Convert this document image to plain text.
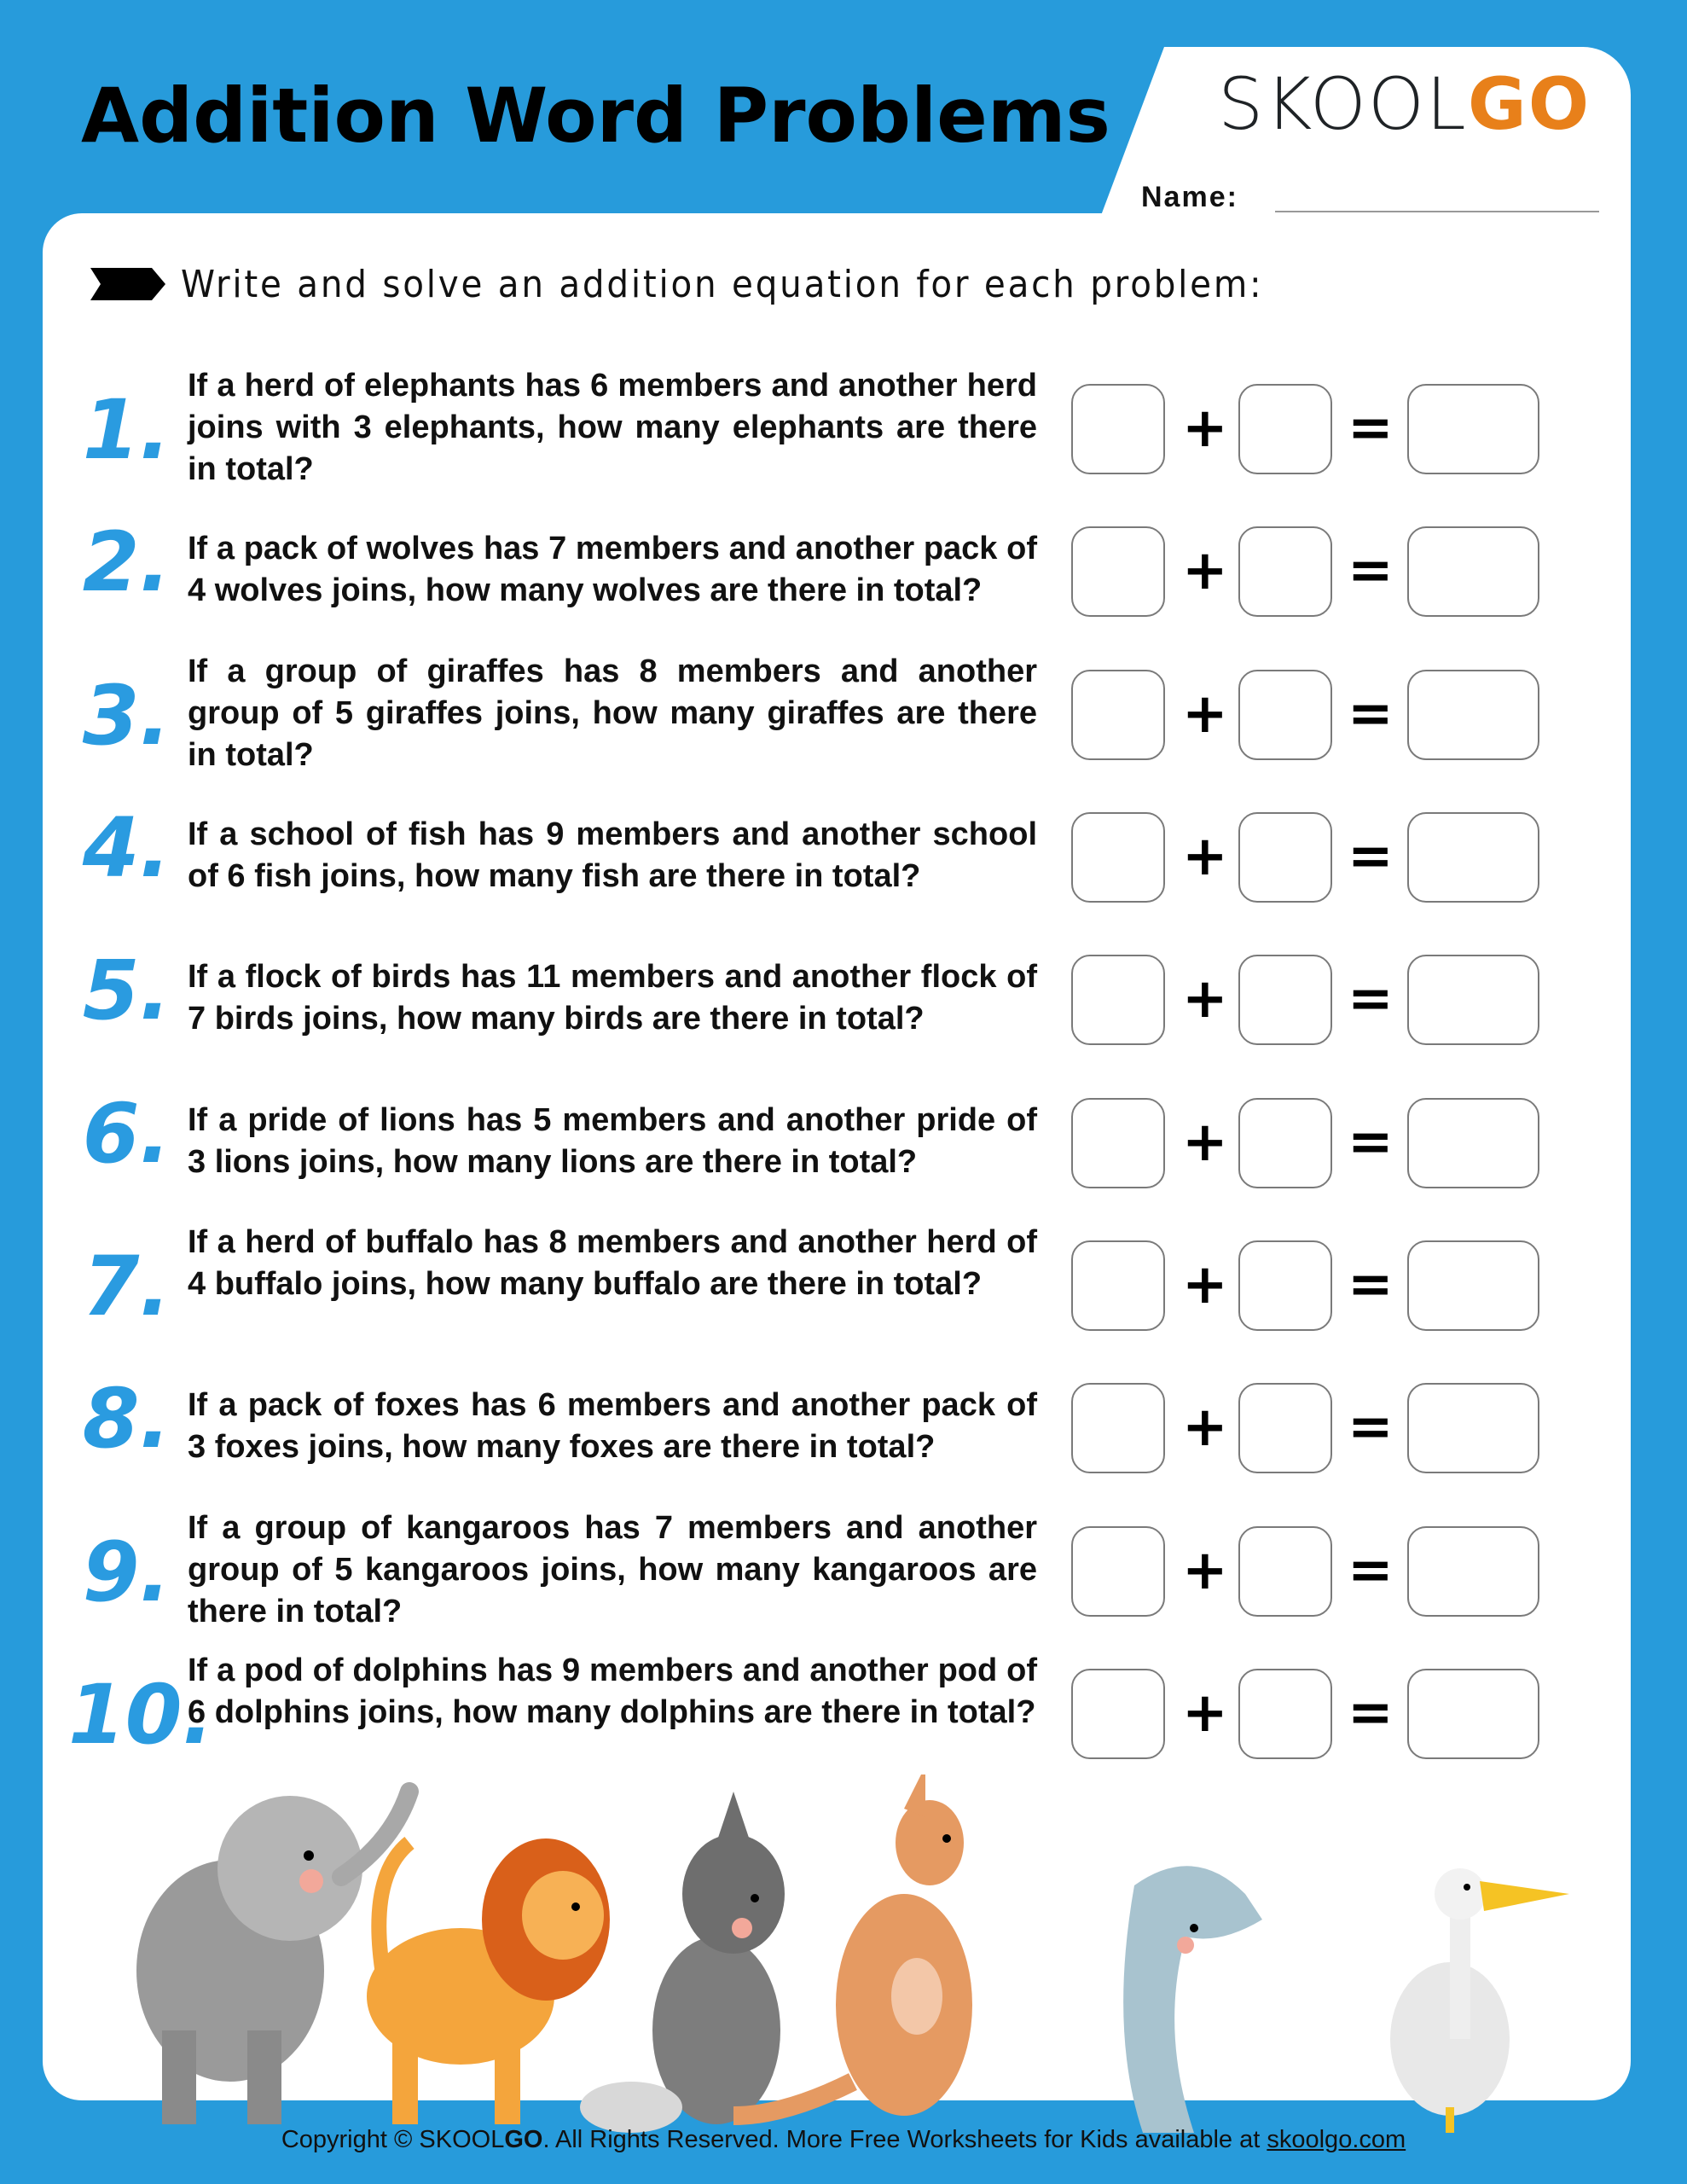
Addition Word Problems SKOOLGO
Name:
Write and solve an addition equation for each problem:
1. If a herd of elephants has 6 members and another herd joins with 3 elephants, how many elephants are there in total?
+ =
2. If a pack of wolves has 7 members and another pack of 4 wolves joins, how many wolves are there in total?	+ =
3. If a group of giraffes has 8 members and another group of 5 giraffes joins, how many giraffes are there in total?
+ =
4. If a school of fish has 9 members and another school of 6 fish joins, how many fish are there in total?	+ =
5. If a flock of birds has 11 members and another flock of 7 birds joins, how many birds are there in total?	+ =
6. If a pride of lions has 5 members and another pride of 3 lions joins, how many lions are there in total?	+ =
7. If a herd of buffalo has 8 members and another herd of 4 buffalo joins, how many buffalo are there in total?	+ =
8. If a pack of foxes has 6 members and another pack of 3 foxes joins, how many foxes are there in total?	+ =
9. If a group of kangaroos has 7 members and another group of 5 kangaroos joins, how many kangaroos are there in total?
+ =
10.
If a pod of dolphins has 9 members and another pod of 6 dolphins joins, how many dolphins are there in total?	+ =
Copyright © SKOOLGO. All Rights Reserved. More Free Worksheets for Kids available at skoolgo.com
